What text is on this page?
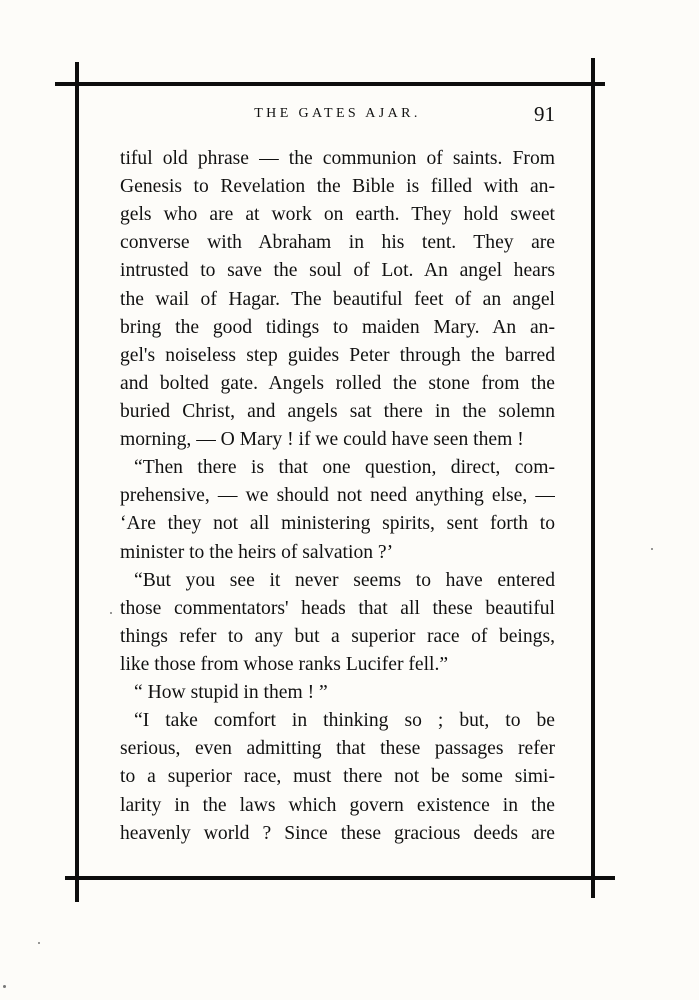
THE GATES AJAR.	91
tiful old phrase — the communion of saints. From
Genesis to Revelation the Bible is filled with an-
gels who are at work on earth. They hold sweet
converse with Abraham in his tent. They are
intrusted to save the soul of Lot. An angel hears
the wail of Hagar. The beautiful feet of an angel
bring the good tidings to maiden Mary. An an-
gel's noiseless step guides Peter through the barred
and bolted gate. Angels rolled the stone from the
buried Christ, and angels sat there in the solemn
morning, — O Mary ! if we could have seen them !
“Then there is that one question, direct, com-
prehensive, — we should not need anything else, —
‘Are they not all ministering spirits, sent forth to
minister to the heirs of salvation ?’
“But you see it never seems to have entered
those commentators' heads that all these beautiful
things refer to any but a superior race of beings,
like those from whose ranks Lucifer fell.”
“ How stupid in them ! ”
“I take comfort in thinking so ; but, to be
serious, even admitting that these passages refer
to a superior race, must there not be some simi-
larity in the laws which govern existence in the
heavenly world ? Since these gracious deeds are
